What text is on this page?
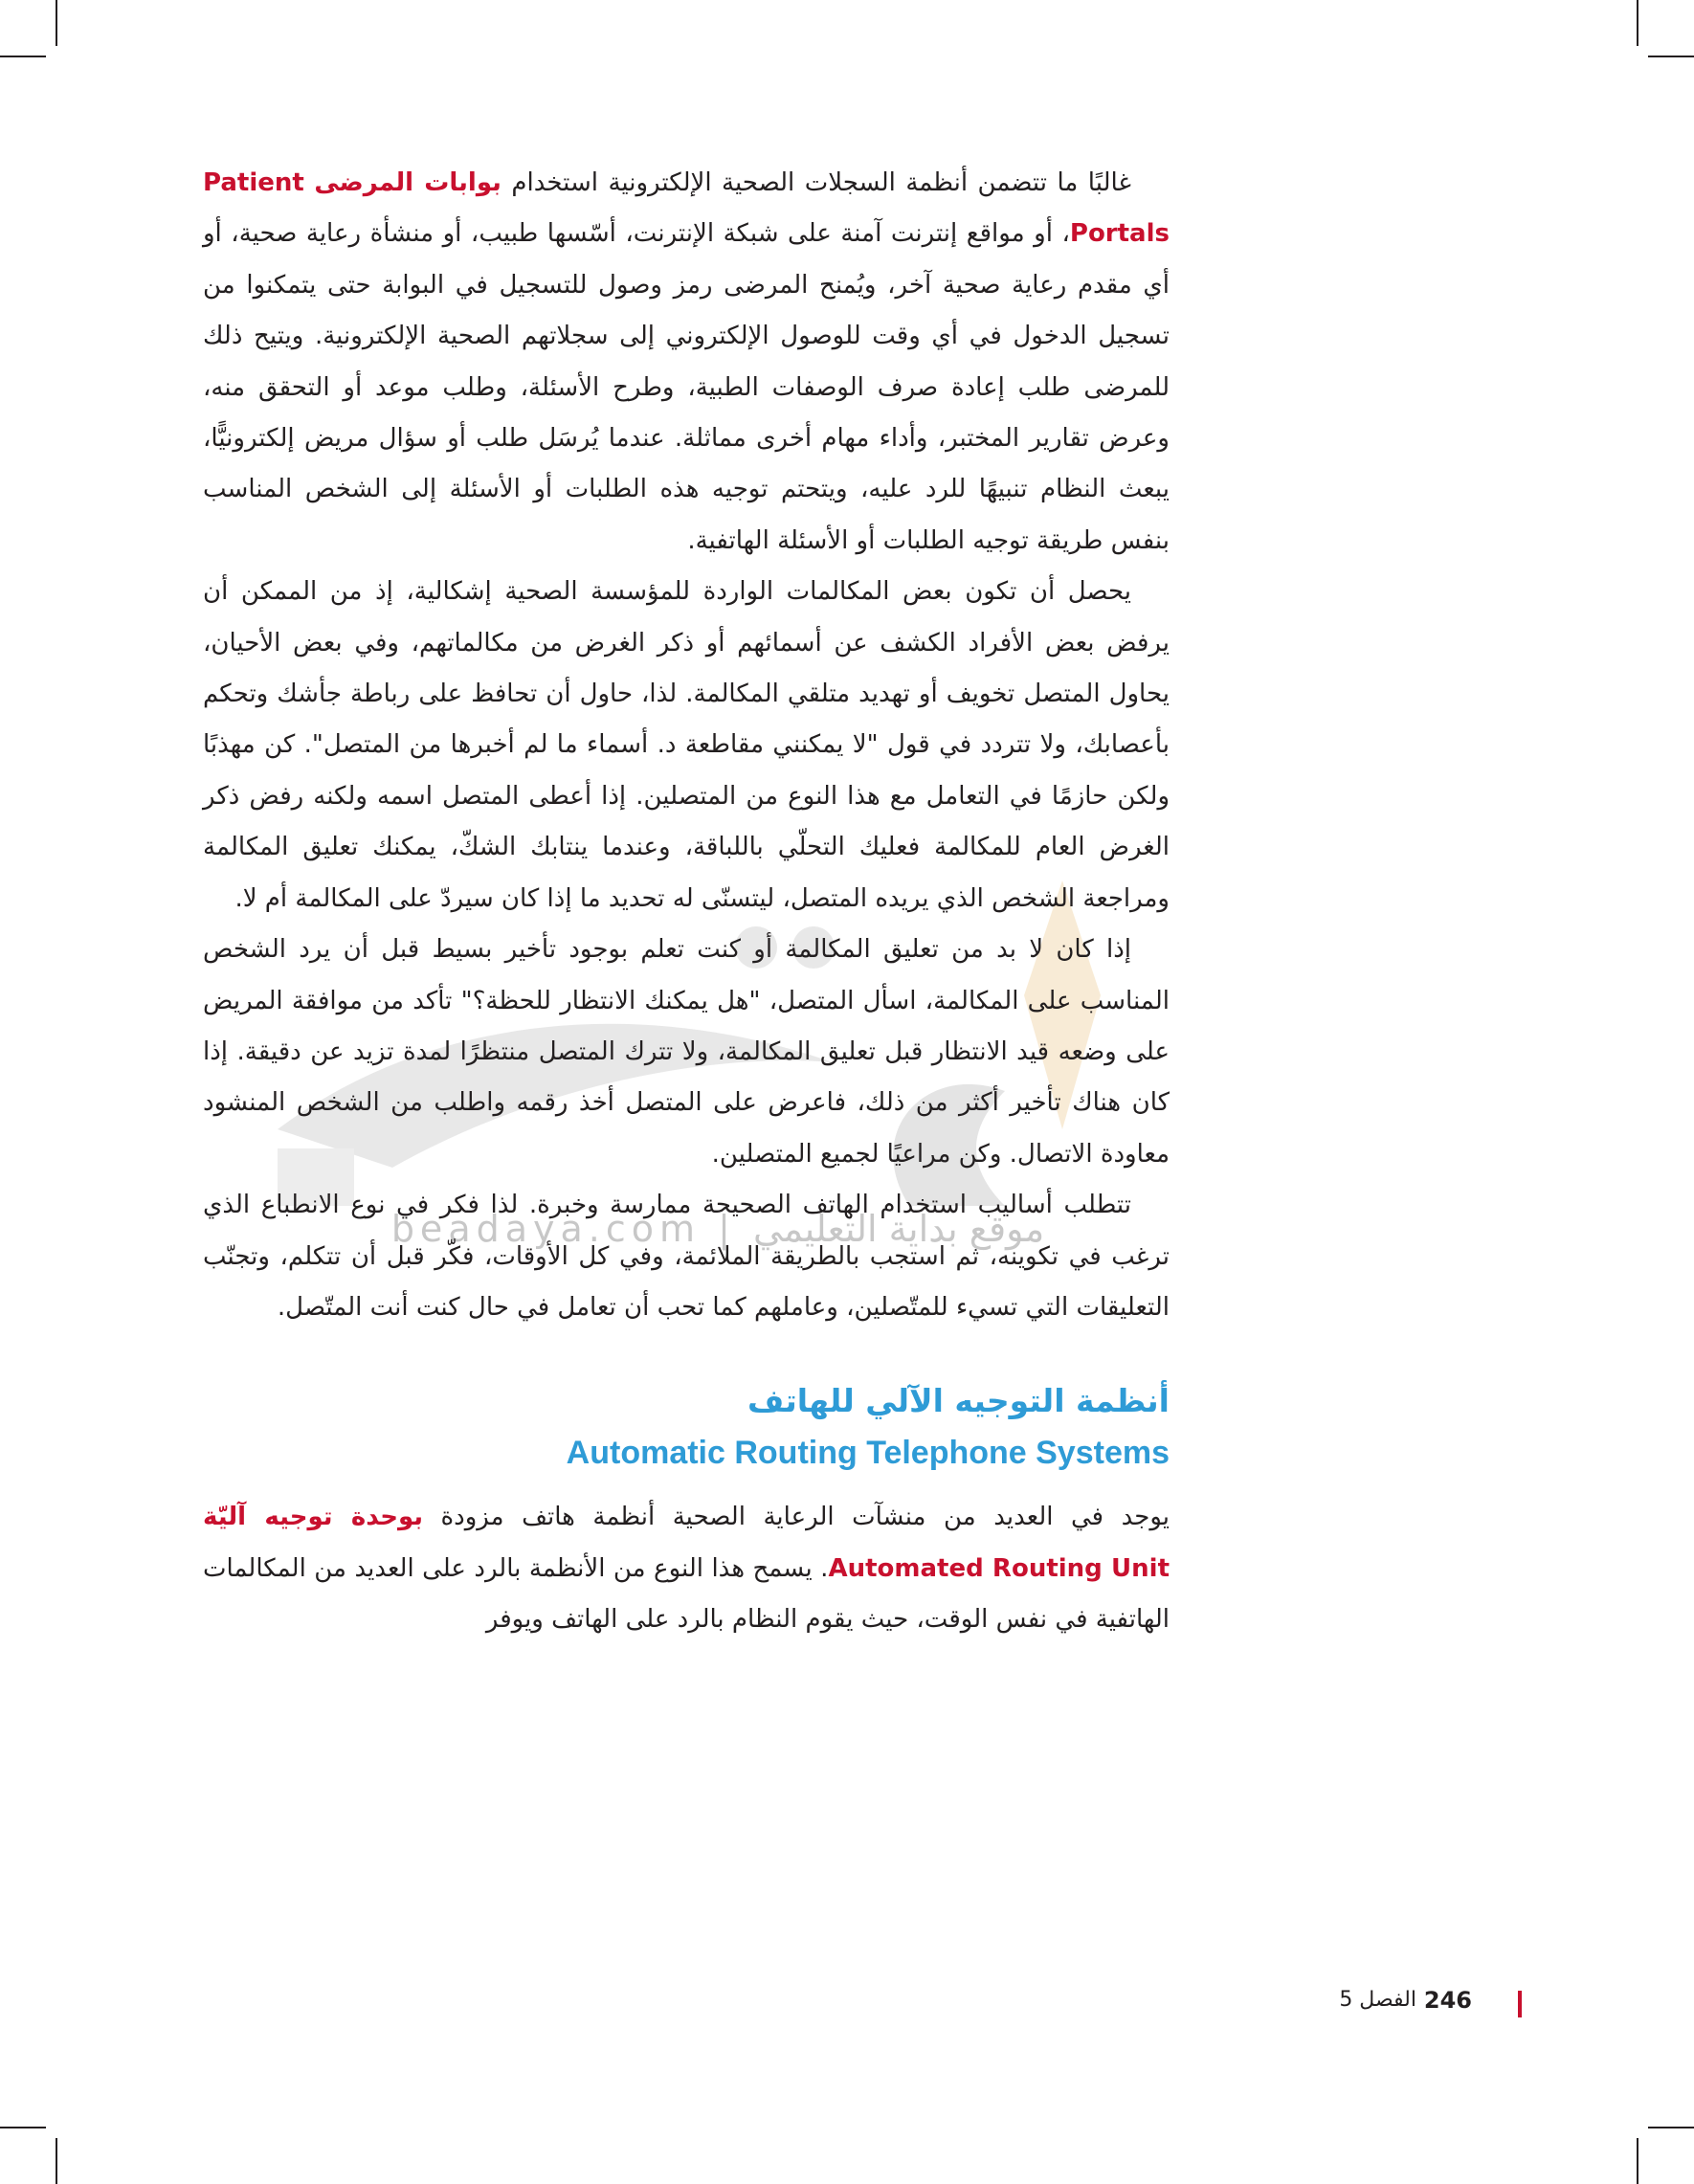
beadaya.com | موقع بداية التعليمي

غالبًا ما تتضمن أنظمة السجلات الصحية الإلكترونية استخدام بوابات المرضى Patient Portals، أو مواقع إنترنت آمنة على شبكة الإنترنت، أسّسها طبيب، أو منشأة رعاية صحية، أو أي مقدم رعاية صحية آخر، ويُمنح المرضى رمز وصول للتسجيل في البوابة حتى يتمكنوا من تسجيل الدخول في أي وقت للوصول الإلكتروني إلى سجلاتهم الصحية الإلكترونية. ويتيح ذلك للمرضى طلب إعادة صرف الوصفات الطبية، وطرح الأسئلة، وطلب موعد أو التحقق منه، وعرض تقارير المختبر، وأداء مهام أخرى مماثلة. عندما يُرسَل طلب أو سؤال مريض إلكترونيًّا، يبعث النظام تنبيهًا للرد عليه، ويتحتم توجيه هذه الطلبات أو الأسئلة إلى الشخص المناسب بنفس طريقة توجيه الطلبات أو الأسئلة الهاتفية.

يحصل أن تكون بعض المكالمات الواردة للمؤسسة الصحية إشكالية، إذ من الممكن أن يرفض بعض الأفراد الكشف عن أسمائهم أو ذكر الغرض من مكالماتهم، وفي بعض الأحيان، يحاول المتصل تخويف أو تهديد متلقي المكالمة. لذا، حاول أن تحافظ على رباطة جأشك وتحكم بأعصابك، ولا تتردد في قول "لا يمكنني مقاطعة د. أسماء ما لم أخبرها من المتصل". كن مهذبًا ولكن حازمًا في التعامل مع هذا النوع من المتصلين. إذا أعطى المتصل اسمه ولكنه رفض ذكر الغرض العام للمكالمة فعليك التحلّي باللباقة، وعندما ينتابك الشكّ، يمكنك تعليق المكالمة ومراجعة الشخص الذي يريده المتصل، ليتسنّى له تحديد ما إذا كان سيردّ على المكالمة أم لا.

إذا كان لا بد من تعليق المكالمة أو كنت تعلم بوجود تأخير بسيط قبل أن يرد الشخص المناسب على المكالمة، اسأل المتصل، "هل يمكنك الانتظار للحظة؟" تأكد من موافقة المريض على وضعه قيد الانتظار قبل تعليق المكالمة، ولا تترك المتصل منتظرًا لمدة تزيد عن دقيقة. إذا كان هناك تأخير أكثر من ذلك، فاعرض على المتصل أخذ رقمه واطلب من الشخص المنشود معاودة الاتصال. وكن مراعيًا لجميع المتصلين.

تتطلب أساليب استخدام الهاتف الصحيحة ممارسة وخبرة. لذا فكر في نوع الانطباع الذي ترغب في تكوينه، ثم استجب بالطريقة الملائمة، وفي كل الأوقات، فكّر قبل أن تتكلم، وتجنّب التعليقات التي تسيء للمتّصلين، وعاملهم كما تحب أن تعامل في حال كنت أنت المتّصل.

أنظمة التوجيه الآلي للهاتف
Automatic Routing Telephone Systems

يوجد في العديد من منشآت الرعاية الصحية أنظمة هاتف مزودة بوحدة توجيه آليّة Automated Routing Unit. يسمح هذا النوع من الأنظمة بالرد على العديد من المكالمات الهاتفية في نفس الوقت، حيث يقوم النظام بالرد على الهاتف ويوفر

246
الفصل 5
